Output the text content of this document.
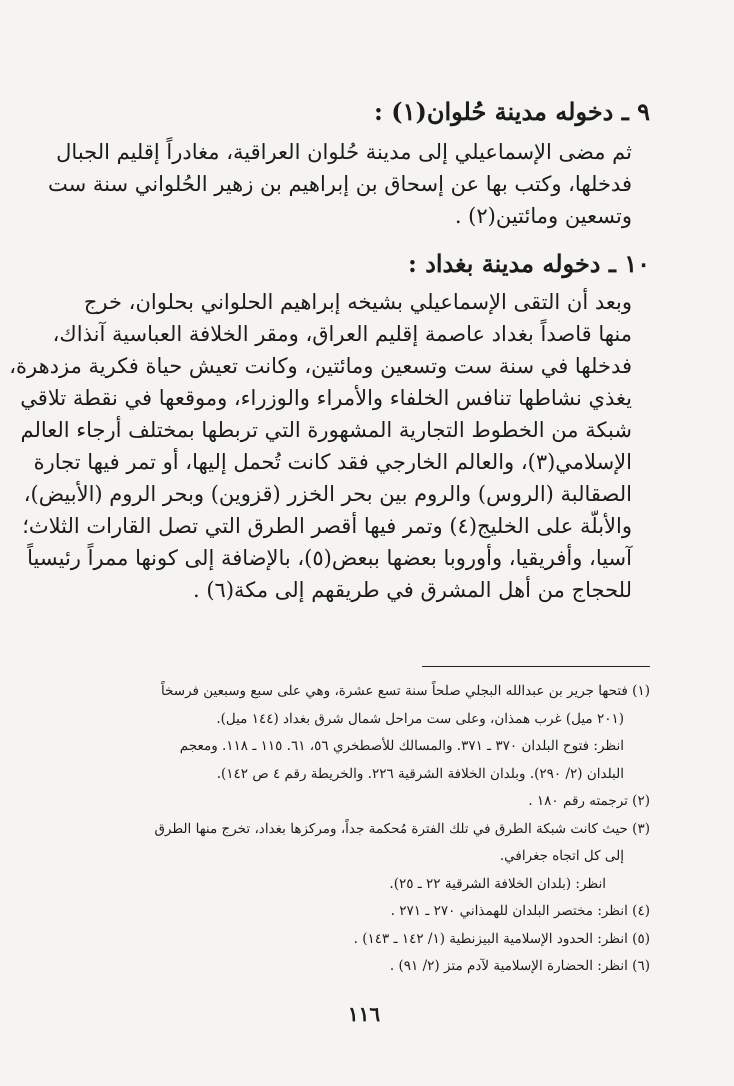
٩ ـ دخوله مدينة حُلوان(١) :

ثم مضى الإسماعيلي إلى مدينة حُلوان العراقية، مغادراً إقليم الجبال
فدخلها، وكتب بها عن إسحاق بن إبراهيم بن زهير الحُلواني سنة ست
وتسعين ومائتين(٢) .

١٠ ـ دخوله مدينة بغداد :

وبعد أن التقى الإسماعيلي بشيخه إبراهيم الحلواني بحلوان، خرج
منها قاصداً بغداد عاصمة إقليم العراق، ومقر الخلافة العباسية آنذاك،
فدخلها في سنة ست وتسعين ومائتين، وكانت تعيش حياة فكرية مزدهرة،
يغذي نشاطها تنافس الخلفاء والأمراء والوزراء، وموقعها في نقطة تلاقي
شبكة من الخطوط التجارية المشهورة التي تربطها بمختلف أرجاء العالم
الإسلامي(٣)، والعالم الخارجي فقد كانت تُحمل إليها، أو تمر فيها تجارة
الصقالبة (الروس) والروم بين بحر الخزر (قزوين) وبحر الروم (الأبيض)،
والأبلّة على الخليج(٤) وتمر فيها أقصر الطرق التي تصل القارات الثلاث؛
آسيا، وأفريقيا، وأوروبا بعضها ببعض(٥)، بالإضافة إلى كونها ممراً رئيسياً
للحجاج من أهل المشرق في طريقهم إلى مكة(٦) .

(١) فتحها جرير بن عبدالله البجلي صلحاً سنة تسع عشرة، وهي على سبع وسبعين فرسخاً
(٢٠١ ميل) غرب همذان، وعلى ست مراحل شمال شرق بغداد (١٤٤ ميل).
انظر: فتوح البلدان ٣٧٠ ـ ٣٧١. والمسالك للأصطخري ٥٦، ٦١. ١١٥ ـ ١١٨. ومعجم
البلدان (٢/ ٢٩٠). وبلدان الخلافة الشرقية ٢٢٦. والخريطة رقم ٤ ص ١٤٢).
(٢) ترجمته رقم ١٨٠ .
(٣) حيث كانت شبكة الطرق في تلك الفترة مُحكمة جداً، ومركزها بغداد، تخرج منها الطرق
إلى كل اتجاه جغرافي.
انظر: (بلدان الخلافة الشرقية ٢٢ ـ ٢٥).
(٤) انظر: مختصر البلدان للهمذاني ٢٧٠ ـ ٢٧١ .
(٥) انظر: الحدود الإسلامية البيزنطية (١/ ١٤٢ ـ ١٤٣) .
(٦) انظر: الحضارة الإسلامية لآدم متز (٢/ ٩١) .
١١٦
